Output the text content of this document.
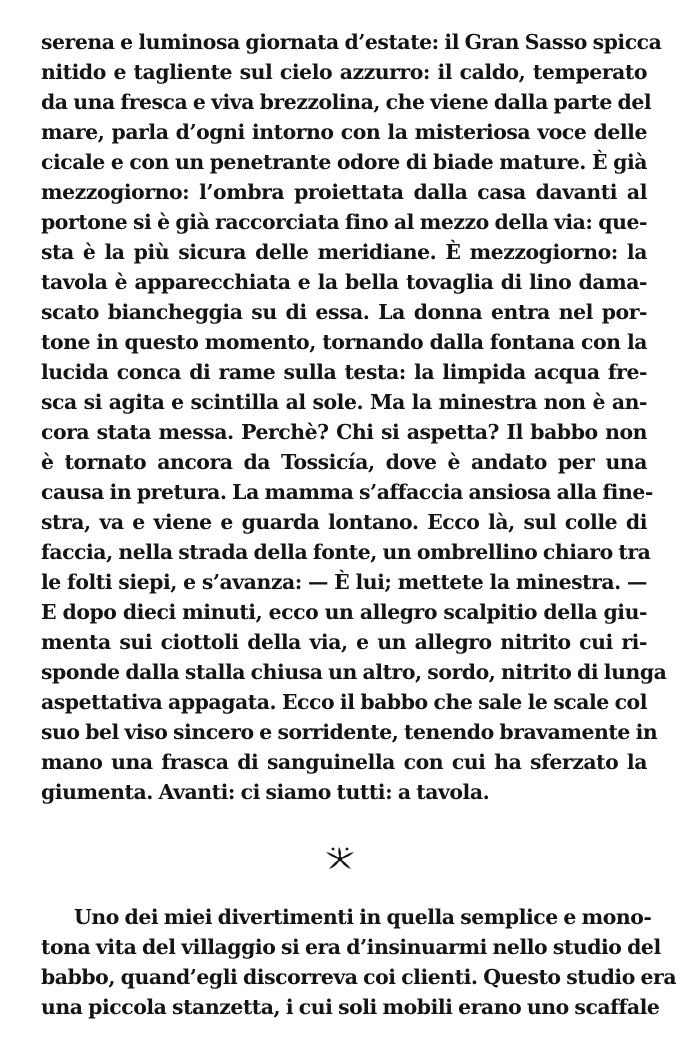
serena e luminosa giornata d’estate: il Gran Sasso spicca
nitido e tagliente sul cielo azzurro: il caldo, temperato
da una fresca e viva brezzolina, che viene dalla parte del
mare, parla d’ogni intorno con la misteriosa voce delle
cicale e con un penetrante odore di biade mature. È già
mezzogiorno: l’ombra proiettata dalla casa davanti al
portone si è già raccorciata fino al mezzo della via: que-
sta è la più sicura delle meridiane. È mezzogiorno: la
tavola è apparecchiata e la bella tovaglia di lino dama-
scato biancheggia su di essa. La donna entra nel por-
tone in questo momento, tornando dalla fontana con la
lucida conca di rame sulla testa: la limpida acqua fre-
sca si agita e scintilla al sole. Ma la minestra non è an-
cora stata messa. Perchè? Chi si aspetta? Il babbo non
è tornato ancora da Tossicía, dove è andato per una
causa in pretura. La mamma s’affaccia ansiosa alla fine-
stra, va e viene e guarda lontano. Ecco là, sul colle di
faccia, nella strada della fonte, un ombrellino chiaro tra
le folti siepi, e s’avanza: — È lui; mettete la minestra. —
E dopo dieci minuti, ecco un allegro scalpitio della giu-
menta sui ciottoli della via, e un allegro nitrito cui ri-
sponde dalla stalla chiusa un altro, sordo, nitrito di lunga
aspettativa appagata. Ecco il babbo che sale le scale col
suo bel viso sincero e sorridente, tenendo bravamente in
mano una frasca di sanguinella con cui ha sferzato la
giumenta. Avanti: ci siamo tutti: a tavola.
Uno dei miei divertimenti in quella semplice e mono-
tona vita del villaggio si era d’insinuarmi nello studio del
babbo, quand’egli discorreva coi clienti. Questo studio era
una piccola stanzetta, i cui soli mobili erano uno scaffale
